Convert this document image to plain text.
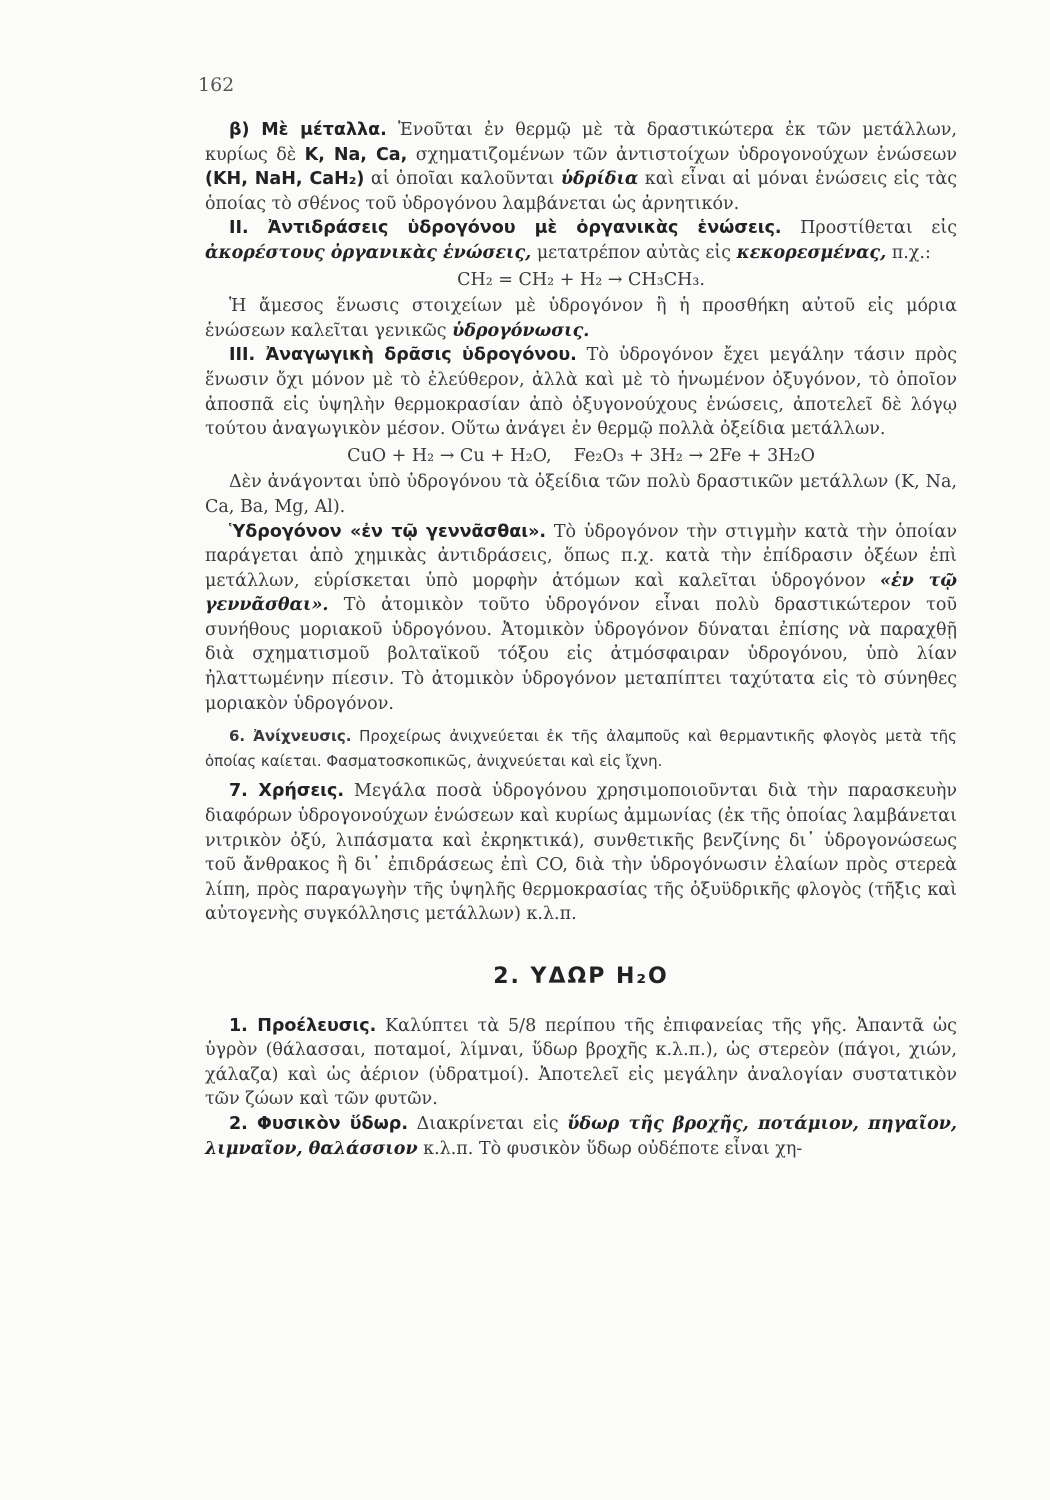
162

β) Mὲ μέταλλα. Ἑνοῦται ἐν θερμῷ μὲ τὰ δραστικώτερα ἐκ τῶν μετάλλων, κυρίως δὲ K, Na, Ca, σχηματιζομένων τῶν ἀντιστοίχων ὑδρογονούχων ἑνώσεων (KH, NaH, CaH₂) αἱ ὁποῖαι καλοῦνται ὑδρίδια καὶ εἶναι αἱ μόναι ἑνώσεις εἰς τὰς ὁποίας τὸ σθένος τοῦ ὑδρογόνου λαμβάνεται ὡς ἀρνητικόν.

II. Ἀντιδράσεις ὑδρογόνου μὲ ὀργανικὰς ἑνώσεις. Προστίθεται εἰς ἀκορέστους ὀργανικὰς ἑνώσεις, μετατρέπον αὐτὰς εἰς κεκορεσμένας, π.χ.:

CH₂ = CH₂ + H₂ → CH₃CH₃.

Ἡ ἄμεσος ἕνωσις στοιχείων μὲ ὑδρογόνον ἢ ἡ προσθήκη αὐτοῦ εἰς μόρια ἑνώσεων καλεῖται γενικῶς ὑδρογόνωσις.

III. Ἀναγωγικὴ δρᾶσις ὑδρογόνου. Τὸ ὑδρογόνον ἔχει μεγάλην τάσιν πρὸς ἕνωσιν ὄχι μόνον μὲ τὸ ἐλεύθερον, ἀλλὰ καὶ μὲ τὸ ἡνωμένον ὀξυγόνον, τὸ ὁποῖον ἀποσπᾶ εἰς ὑψηλὴν θερμοκρασίαν ἀπὸ ὀξυγονούχους ἑνώσεις, ἀποτελεῖ δὲ λόγῳ τούτου ἀναγωγικὸν μέσον. Οὕτω ἀνάγει ἐν θερμῷ πολλὰ ὀξείδια μετάλλων.

CuO + H₂ → Cu + H₂O,    Fe₂O₃ + 3H₂ → 2Fe + 3H₂O

Δὲν ἀνάγονται ὑπὸ ὑδρογόνου τὰ ὀξείδια τῶν πολὺ δραστικῶν μετάλλων (K, Na, Ca, Ba, Mg, Al).

Ὑδρογόνον «ἐν τῷ γεννᾶσθαι». Τὸ ὑδρογόνον τὴν στιγμὴν κατὰ τὴν ὁποίαν παράγεται ἀπὸ χημικὰς ἀντιδράσεις, ὅπως π.χ. κατὰ τὴν ἐπίδρασιν ὀξέων ἐπὶ μετάλλων, εὑρίσκεται ὑπὸ μορφὴν ἀτόμων καὶ καλεῖται ὑδρογόνον «ἐν τῷ γεννᾶσθαι». Τὸ ἀτομικὸν τοῦτο ὑδρογόνον εἶναι πολὺ δραστικώτερον τοῦ συνήθους μοριακοῦ ὑδρογόνου. Ἀτομικὸν ὑδρογόνον δύναται ἐπίσης νὰ παραχθῇ διὰ σχηματισμοῦ βολταϊκοῦ τόξου εἰς ἀτμόσφαιραν ὑδρογόνου, ὑπὸ λίαν ἠλαττωμένην πίεσιν. Τὸ ἀτομικὸν ὑδρογόνον μεταπίπτει ταχύτατα εἰς τὸ σύνηθες μοριακὸν ὑδρογόνον.

6. Ἀνίχνευσις. Προχείρως ἀνιχνεύεται ἐκ τῆς ἀλαμποῦς καὶ θερμαντικῆς φλογὸς μετὰ τῆς ὁποίας καίεται. Φασματοσκοπικῶς, ἀνιχνεύεται καὶ εἰς ἴχνη.

7. Χρήσεις. Μεγάλα ποσὰ ὑδρογόνου χρησιμοποιοῦνται διὰ τὴν παρασκευὴν διαφόρων ὑδρογονούχων ἑνώσεων καὶ κυρίως ἀμμωνίας (ἐκ τῆς ὁποίας λαμβάνεται νιτρικὸν ὀξύ, λιπάσματα καὶ ἐκρηκτικά), συνθετικῆς βενζίνης δι᾿ ὑδρογονώσεως τοῦ ἄνθρακος ἢ δι᾿ ἐπιδράσεως ἐπὶ CO, διὰ τὴν ὑδρογόνωσιν ἐλαίων πρὸς στερεὰ λίπη, πρὸς παραγωγὴν τῆς ὑψηλῆς θερμοκρασίας τῆς ὀξυϋδρικῆς φλογὸς (τῆξις καὶ αὐτογενὴς συγκόλλησις μετάλλων) κ.λ.π.

2. ΥΔΩΡ H₂O

1. Προέλευσις. Καλύπτει τὰ 5/8 περίπου τῆς ἐπιφανείας τῆς γῆς. Ἀπαντᾶ ὡς ὑγρὸν (θάλασσαι, ποταμοί, λίμναι, ὕδωρ βροχῆς κ.λ.π.), ὡς στερεὸν (πάγοι, χιών, χάλαζα) καὶ ὡς ἀέριον (ὑδρατμοί). Ἀποτελεῖ εἰς μεγάλην ἀναλογίαν συστατικὸν τῶν ζώων καὶ τῶν φυτῶν.

2. Φυσικὸν ὕδωρ. Διακρίνεται εἰς ὕδωρ τῆς βροχῆς, ποτάμιον, πηγαῖον, λιμναῖον, θαλάσσιον κ.λ.π. Τὸ φυσικὸν ὕδωρ οὐδέποτε εἶναι χη-
